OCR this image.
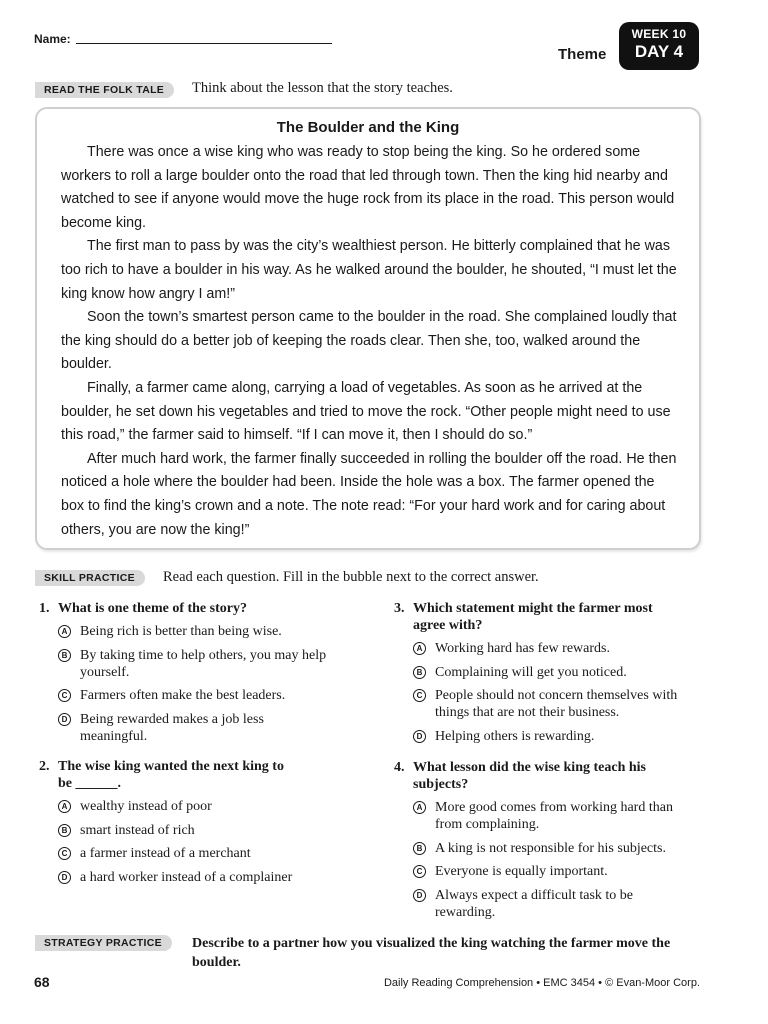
Name:
Theme
WEEK 10
DAY 4
READ THE FOLK TALE	Think about the lesson that the story teaches.
The Boulder and the King

There was once a wise king who was ready to stop being the king. So he ordered some workers to roll a large boulder onto the road that led through town. Then the king hid nearby and watched to see if anyone would move the huge rock from its place in the road. This person would become king.

The first man to pass by was the city’s wealthiest person. He bitterly complained that he was too rich to have a boulder in his way. As he walked around the boulder, he shouted, “I must let the king know how angry I am!”

Soon the town’s smartest person came to the boulder in the road. She complained loudly that the king should do a better job of keeping the roads clear. Then she, too, walked around the boulder.

Finally, a farmer came along, carrying a load of vegetables. As soon as he arrived at the boulder, he set down his vegetables and tried to move the rock. “Other people might need to use this road,” the farmer said to himself. “If I can move it, then I should do so.”

After much hard work, the farmer finally succeeded in rolling the boulder off the road. He then noticed a hole where the boulder had been. Inside the hole was a box. The farmer opened the box to find the king’s crown and a note. The note read: “For your hard work and for caring about others, you are now the king!”

SKILL PRACTICE	Read each question. Fill in the bubble next to the correct answer.
1. What is one theme of the story?
A Being rich is better than being wise.
B By taking time to help others, you may help yourself.
C Farmers often make the best leaders.
D Being rewarded makes a job less meaningful.
2. The wise king wanted the next king to be ______.
A wealthy instead of poor
B smart instead of rich
C a farmer instead of a merchant
D a hard worker instead of a complainer
3. Which statement might the farmer most agree with?
A Working hard has few rewards.
B Complaining will get you noticed.
C People should not concern themselves with things that are not their business.
D Helping others is rewarding.
4. What lesson did the wise king teach his subjects?
A More good comes from working hard than from complaining.
B A king is not responsible for his subjects.
C Everyone is equally important.
D Always expect a difficult task to be rewarding.
STRATEGY PRACTICE	Describe to a partner how you visualized the king watching the farmer move the boulder.
68	Daily Reading Comprehension • EMC 3454 • © Evan-Moor Corp.
